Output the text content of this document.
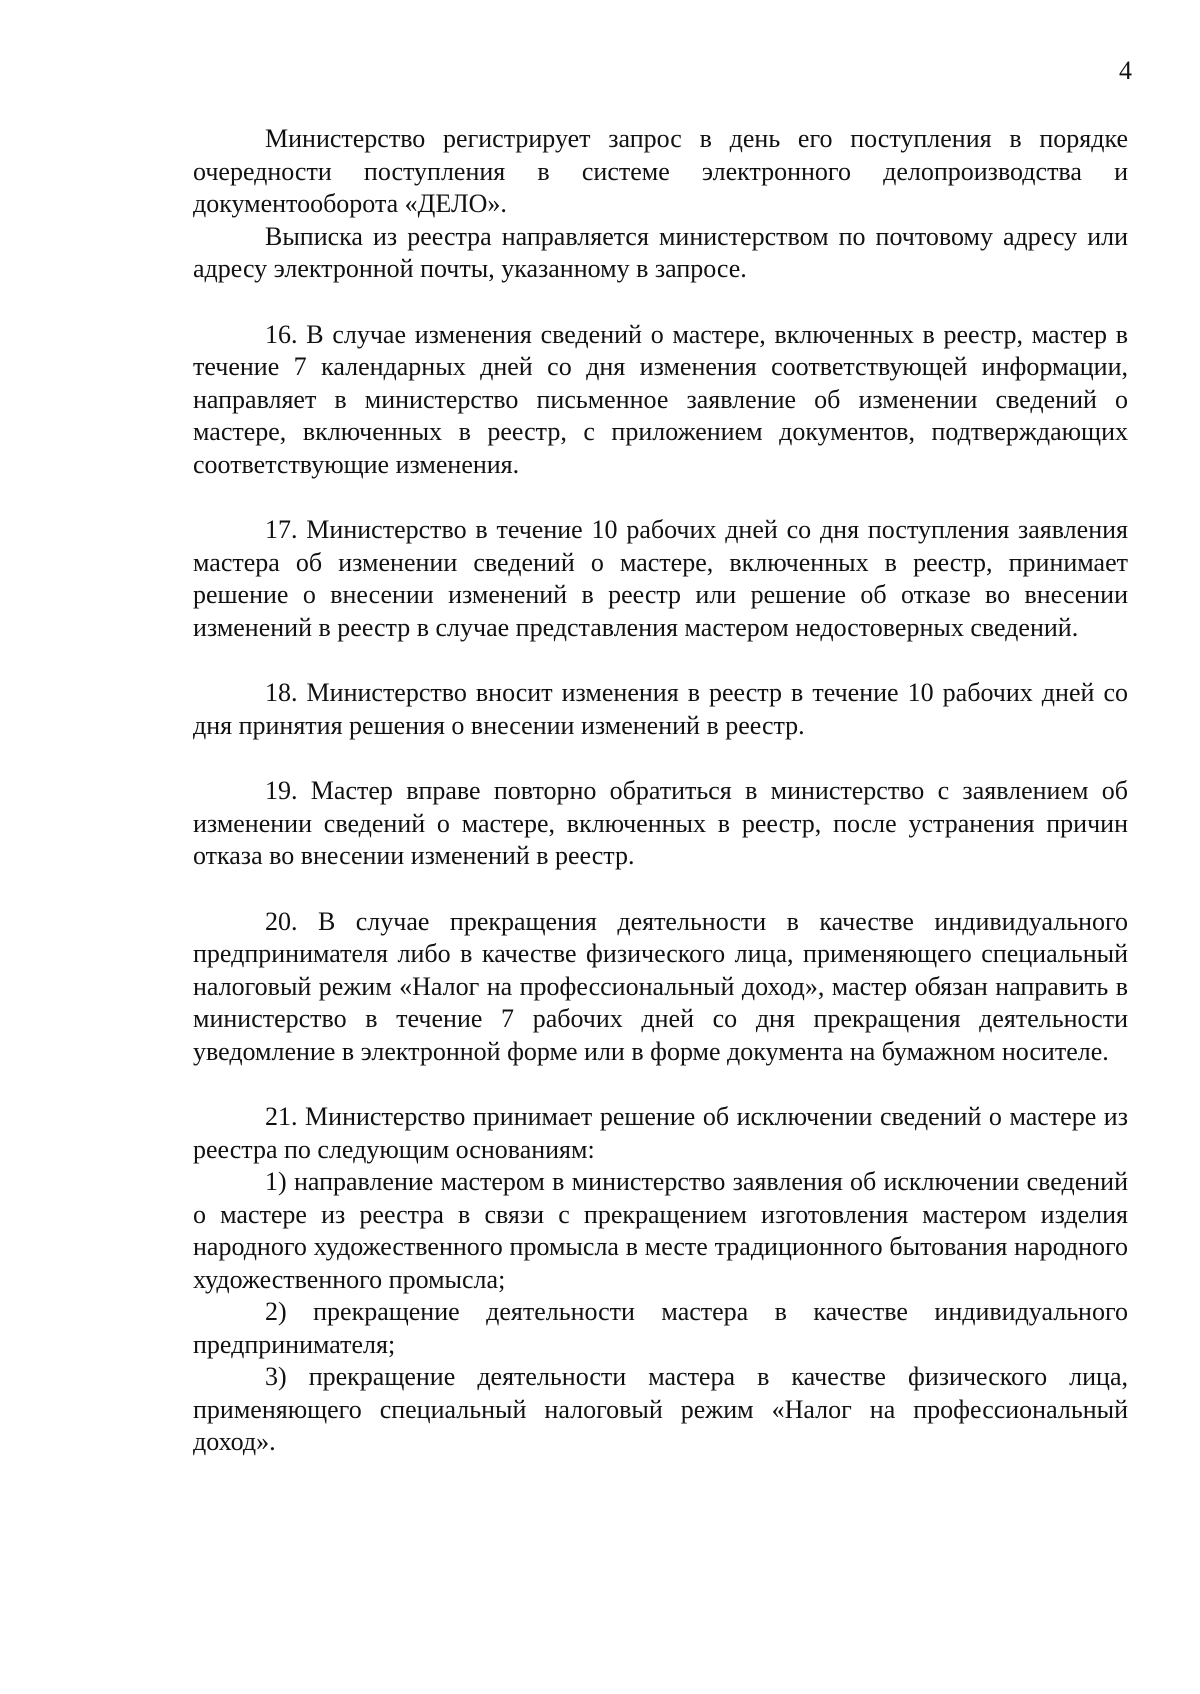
4

Министерство регистрирует запрос в день его поступления в порядке очередности поступления в системе электронного делопроизводства и документооборота «ДЕЛО».

Выписка из реестра направляется министерством по почтовому адресу или адресу электронной почты, указанному в запросе.

16. В случае изменения сведений о мастере, включенных в реестр, мастер в течение 7 календарных дней со дня изменения соответствующей информации, направляет в министерство письменное заявление об изменении сведений о мастере, включенных в реестр, с приложением документов, подтверждающих соответствующие изменения.

17. Министерство в течение 10 рабочих дней со дня поступления заявления мастера об изменении сведений о мастере, включенных в реестр, принимает решение о внесении изменений в реестр или решение об отказе во внесении изменений в реестр в случае представления мастером недостоверных сведений.

18. Министерство вносит изменения в реестр в течение 10 рабочих дней со дня принятия решения о внесении изменений в реестр.

19. Мастер вправе повторно обратиться в министерство с заявлением об изменении сведений о мастере, включенных в реестр, после устранения причин отказа во внесении изменений в реестр.

20. В случае прекращения деятельности в качестве индивидуального предпринимателя либо в качестве физического лица, применяющего специальный налоговый режим «Налог на профессиональный доход», мастер обязан направить в министерство в течение 7 рабочих дней со дня прекращения деятельности уведомление в электронной форме или в форме документа на бумажном носителе.

21. Министерство принимает решение об исключении сведений о мастере из реестра по следующим основаниям:

1) направление мастером в министерство заявления об исключении сведений о мастере из реестра в связи с прекращением изготовления мастером изделия народного художественного промысла в месте традиционного бытования народного художественного промысла;

2) прекращение деятельности мастера в качестве индивидуального предпринимателя;

3) прекращение деятельности мастера в качестве физического лица, применяющего специальный налоговый режим «Налог на профессиональный доход».
